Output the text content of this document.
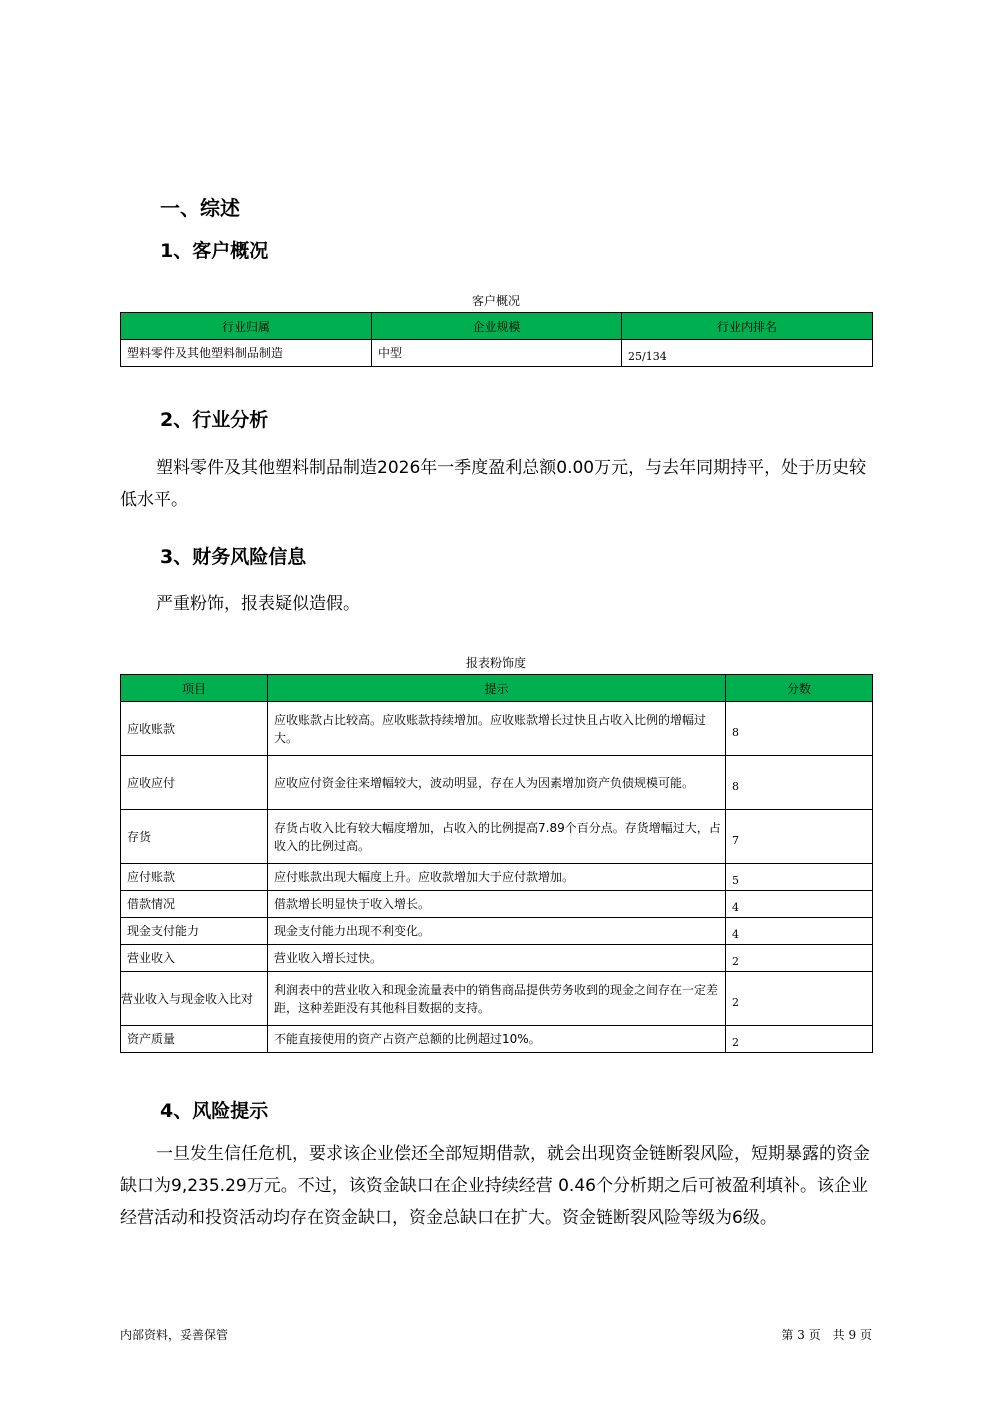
一、综述
1、客户概况
客户概况
行业归属	企业规模	行业内排名
塑料零件及其他塑料制品制造	中型	25/134
2、行业分析

塑料零件及其他塑料制品制造2026年一季度盈利总额0.00万元，与去年同期持平，处于历史较低水平。

3、财务风险信息

严重粉饰，报表疑似造假。

报表粉饰度
项目	提示	分数
应收账款	应收账款占比较高。应收账款持续增加。应收账款增长过快且占收入比例的增幅过大。	8
应收应付	应收应付资金往来增幅较大，波动明显，存在人为因素增加资产负债规模可能。	8
存货	存货占收入比有较大幅度增加，占收入的比例提高7.89个百分点。存货增幅过大，占收入的比例过高。	7
应付账款	应付账款出现大幅度上升。应收款增加大于应付款增加。	5
借款情况	借款增长明显快于收入增长。	4
现金支付能力	现金支付能力出现不利变化。	4
营业收入	营业收入增长过快。	2
营业收入与现金收入比对	利润表中的营业收入和现金流量表中的销售商品提供劳务收到的现金之间存在一定差距，这种差距没有其他科目数据的支持。	2
资产质量	不能直接使用的资产占资产总额的比例超过10%。	2
4、风险提示

一旦发生信任危机，要求该企业偿还全部短期借款，就会出现资金链断裂风险，短期暴露的资金缺口为9,235.29万元。不过，该资金缺口在企业持续经营 0.46个分析期之后可被盈利填补。该企业经营活动和投资活动均存在资金缺口，资金总缺口在扩大。资金链断裂风险等级为6级。

内部资料，妥善保管	第 3 页　共 9 页
